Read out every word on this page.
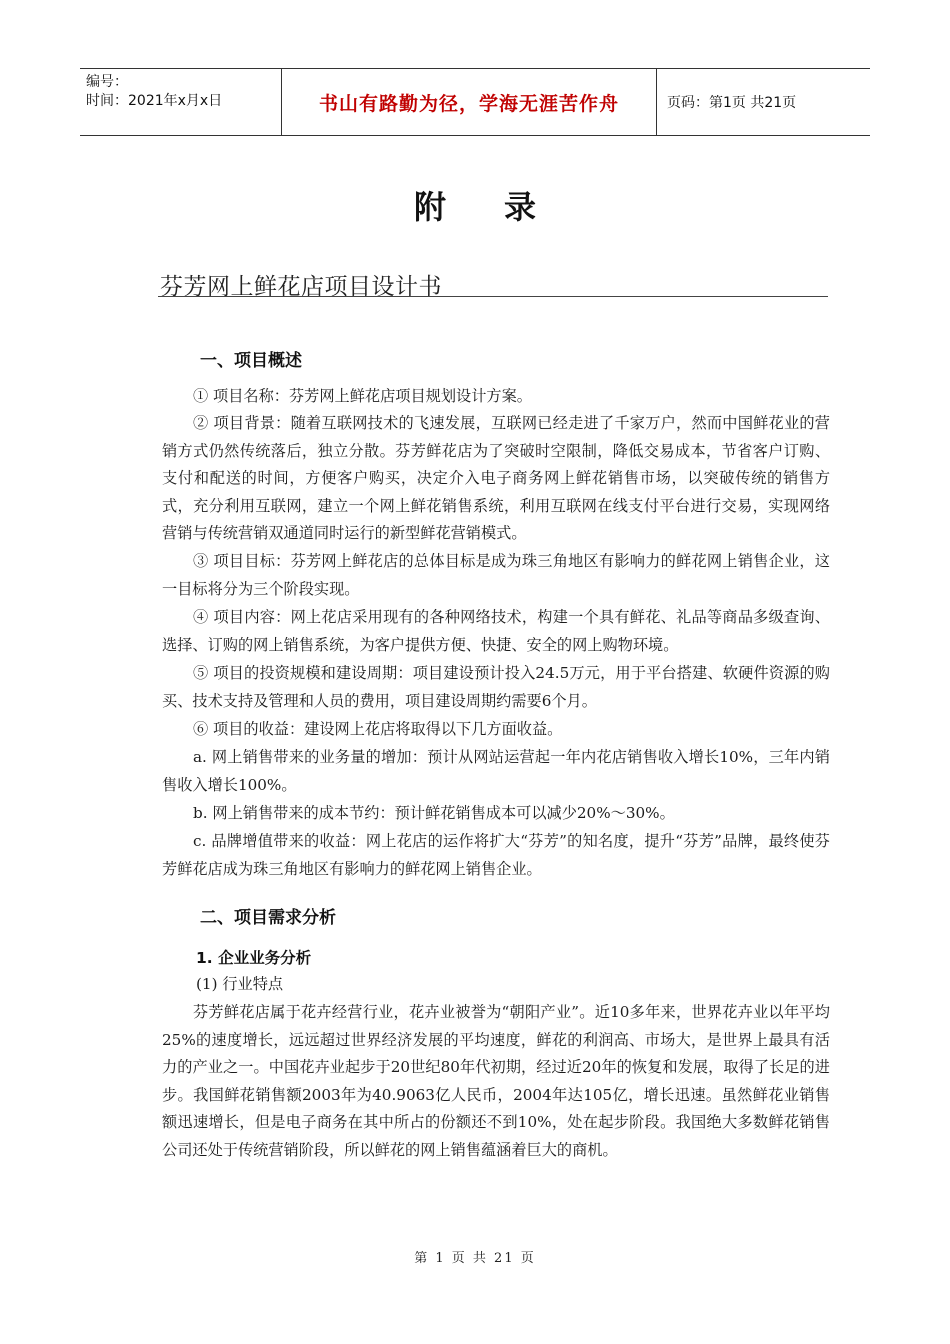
编号：
时间：2021年x月x日	书山有路勤为径，学海无涯苦作舟	页码：第1页 共21页
附录
芬芳网上鲜花店项目设计书
一、项目概述

① 项目名称：芬芳网上鲜花店项目规划设计方案。

② 项目背景：随着互联网技术的飞速发展，互联网已经走进了千家万户，然而中国鲜花业的营销方式仍然传统落后，独立分散。芬芳鲜花店为了突破时空限制，降低交易成本，节省客户订购、支付和配送的时间，方便客户购买，决定介入电子商务网上鲜花销售市场，以突破传统的销售方式，充分利用互联网，建立一个网上鲜花销售系统，利用互联网在线支付平台进行交易，实现网络营销与传统营销双通道同时运行的新型鲜花营销模式。

③ 项目目标：芬芳网上鲜花店的总体目标是成为珠三角地区有影响力的鲜花网上销售企业，这一目标将分为三个阶段实现。

④ 项目内容：网上花店采用现有的各种网络技术，构建一个具有鲜花、礼品等商品多级查询、选择、订购的网上销售系统，为客户提供方便、快捷、安全的网上购物环境。

⑤ 项目的投资规模和建设周期：项目建设预计投入24.5万元，用于平台搭建、软硬件资源的购买、技术支持及管理和人员的费用，项目建设周期约需要6个月。

⑥ 项目的收益：建设网上花店将取得以下几方面收益。

a. 网上销售带来的业务量的增加：预计从网站运营起一年内花店销售收入增长10%，三年内销售收入增长100%。

b. 网上销售带来的成本节约：预计鲜花销售成本可以减少20%～30%。

c. 品牌增值带来的收益：网上花店的运作将扩大“芬芳”的知名度，提升“芬芳”品牌，最终使芬芳鲜花店成为珠三角地区有影响力的鲜花网上销售企业。

二、项目需求分析
1. 企业业务分析
(1) 行业特点

芬芳鲜花店属于花卉经营行业，花卉业被誉为“朝阳产业”。近10多年来，世界花卉业以年平均25%的速度增长，远远超过世界经济发展的平均速度，鲜花的利润高、市场大，是世界上最具有活力的产业之一。中国花卉业起步于20世纪80年代初期，经过近20年的恢复和发展，取得了长足的进步。我国鲜花销售额2003年为40.9063亿人民币，2004年达105亿，增长迅速。虽然鲜花业销售额迅速增长，但是电子商务在其中所占的份额还不到10%，处在起步阶段。我国绝大多数鲜花销售公司还处于传统营销阶段，所以鲜花的网上销售蕴涵着巨大的商机。

第 1 页 共 21 页
